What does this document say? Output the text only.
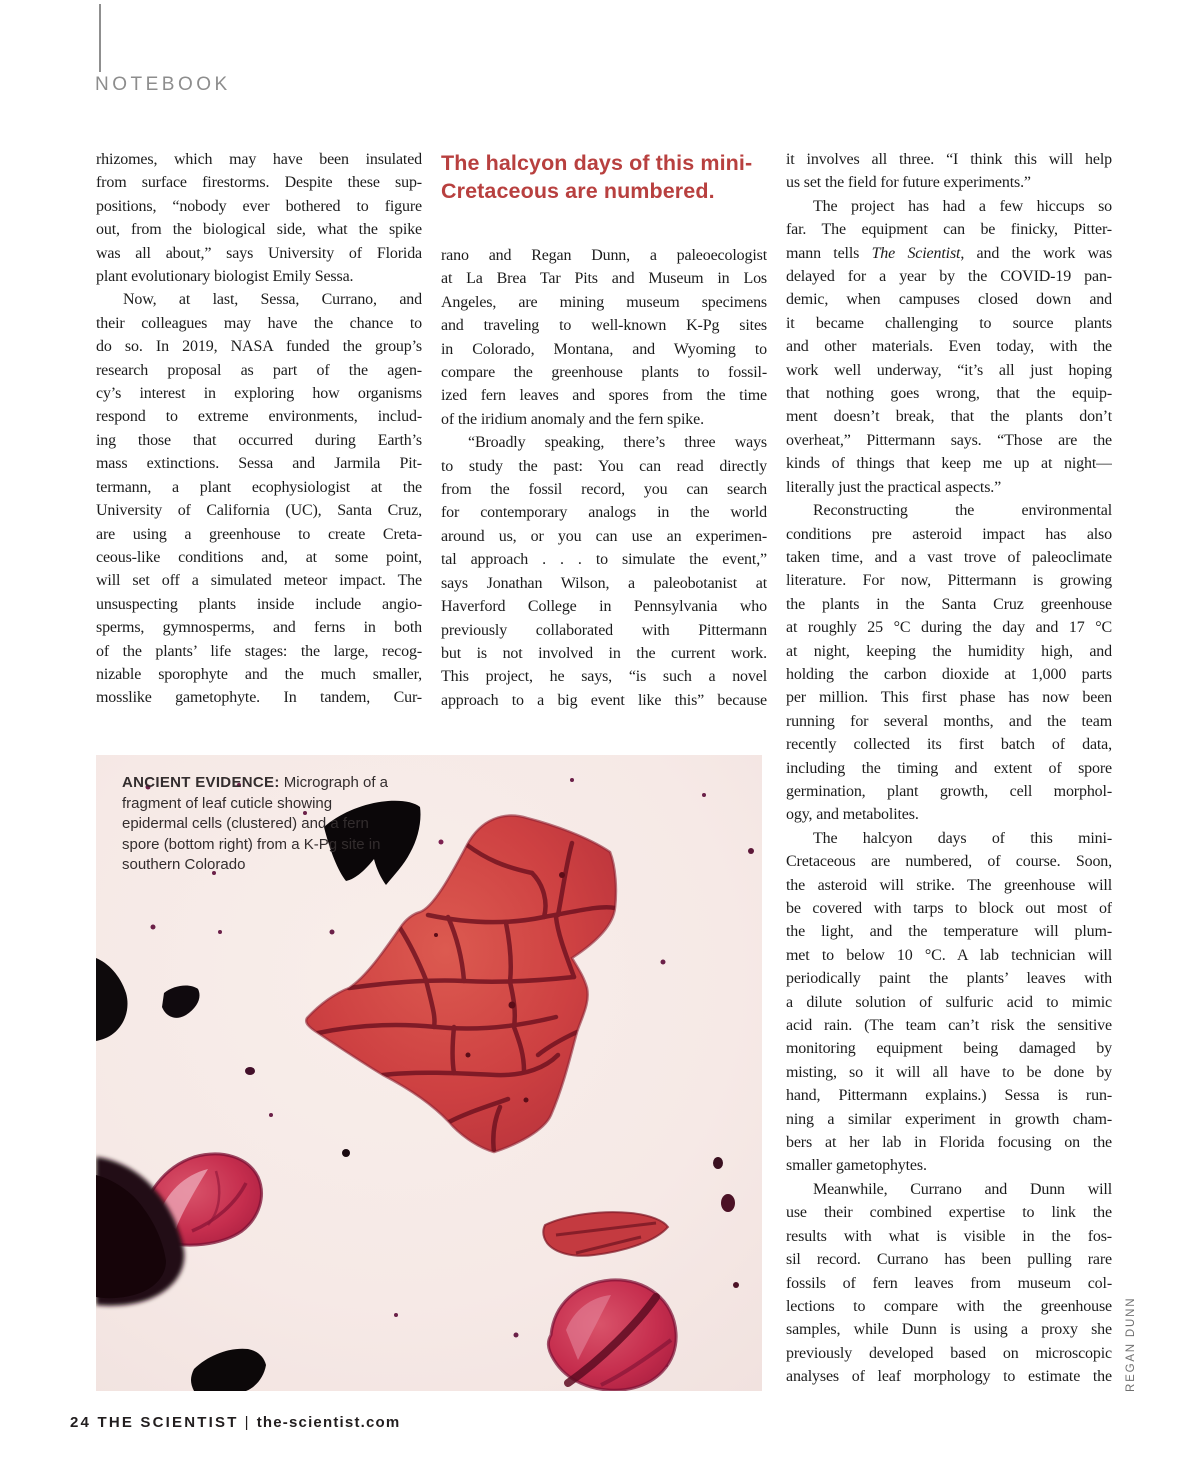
NOTEBOOK
rhizomes, which may have been insulated
from surface firestorms. Despite these sup-
positions, “nobody ever bothered to figure
out, from the biological side, what the spike
was all about,” says University of Florida
plant evolutionary biologist Emily Sessa.
Now, at last, Sessa, Currano, and
their colleagues may have the chance to
do so. In 2019, NASA funded the group’s
research proposal as part of the agen-
cy’s interest in exploring how organisms
respond to extreme environments, includ-
ing those that occurred during Earth’s
mass extinctions. Sessa and Jarmila Pit-
termann, a plant ecophysiologist at the
University of California (UC), Santa Cruz,
are using a greenhouse to create Creta-
ceous-like conditions and, at some point,
will set off a simulated meteor impact. The
unsuspecting plants inside include angio-
sperms, gymnosperms, and ferns in both
of the plants’ life stages: the large, recog-
nizable sporophyte and the much smaller,
mosslike gametophyte. In tandem, Cur-
The halcyon days of this mini-
Cretaceous are numbered.
rano and Regan Dunn, a paleoecologist
at La Brea Tar Pits and Museum in Los
Angeles, are mining museum specimens
and traveling to well-known K-Pg sites
in Colorado, Montana, and Wyoming to
compare the greenhouse plants to fossil-
ized fern leaves and spores from the time
of the iridium anomaly and the fern spike.
“Broadly speaking, there’s three ways
to study the past: You can read directly
from the fossil record, you can search
for contemporary analogs in the world
around us, or you can use an experimen-
tal approach . . . to simulate the event,”
says Jonathan Wilson, a paleobotanist at
Haverford College in Pennsylvania who
previously collaborated with Pittermann
but is not involved in the current work.
This project, he says, “is such a novel
approach to a big event like this” because
it involves all three. “I think this will help
us set the field for future experiments.”
The project has had a few hiccups so
far. The equipment can be finicky, Pitter-
mann tells The Scientist, and the work was
delayed for a year by the COVID-19 pan-
demic, when campuses closed down and
it became challenging to source plants
and other materials. Even today, with the
work well underway, “it’s all just hoping
that nothing goes wrong, that the equip-
ment doesn’t break, that the plants don’t
overheat,” Pittermann says. “Those are the
kinds of things that keep me up at night—
literally just the practical aspects.”
Reconstructing the environmental
conditions pre asteroid impact has also
taken time, and a vast trove of paleoclimate
literature. For now, Pittermann is growing
the plants in the Santa Cruz greenhouse
at roughly 25 °C during the day and 17 °C
at night, keeping the humidity high, and
holding the carbon dioxide at 1,000 parts
per million. This first phase has now been
running for several months, and the team
recently collected its first batch of data,
including the timing and extent of spore
germination, plant growth, cell morphol-
ogy, and metabolites.
The halcyon days of this mini-
Cretaceous are numbered, of course. Soon,
the asteroid will strike. The greenhouse will
be covered with tarps to block out most of
the light, and the temperature will plum-
met to below 10 °C. A lab technician will
periodically paint the plants’ leaves with
a dilute solution of sulfuric acid to mimic
acid rain. (The team can’t risk the sensitive
monitoring equipment being damaged by
misting, so it will all have to be done by
hand, Pittermann explains.) Sessa is run-
ning a similar experiment in growth cham-
bers at her lab in Florida focusing on the
smaller gametophytes.
Meanwhile, Currano and Dunn will
use their combined expertise to link the
results with what is visible in the fos-
sil record. Currano has been pulling rare
fossils of fern leaves from museum col-
lections to compare with the greenhouse
samples, while Dunn is using a proxy she
previously developed based on microscopic
analyses of leaf morphology to estimate the
ANCIENT EVIDENCE: Micrograph of a fragment of leaf cuticle showing epidermal cells (clustered) and a fern spore (bottom right) from a K-Pg site in southern Colorado
REGAN DUNN
24 THE SCIENTIST | the-scientist.com
